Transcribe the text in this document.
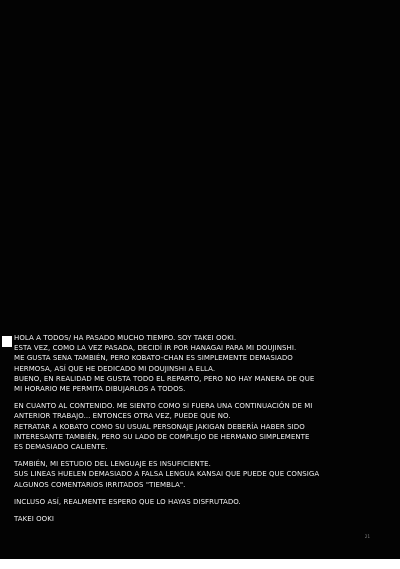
HOLA A TODOS/ HA PASADO MUCHO TIEMPO. SOY TAKEI OOKI.
ESTA VEZ, COMO LA VEZ PASADA, DECIDÍ IR POR HANAGAI PARA MI DOUJINSHI.
ME GUSTA SENA TAMBIÉN, PERO KOBATO-CHAN ES SIMPLEMENTE DEMASIADO
HERMOSA, ASÍ QUE HE DEDICADO MI DOUJINSHI A ELLA.
BUENO, EN REALIDAD ME GUSTA TODO EL REPARTO, PERO NO HAY MANERA DE QUE
MI HORARIO ME PERMITA DIBUJARLOS A TODOS.

EN CUANTO AL CONTENIDO. ME SIENTO COMO SI FUERA UNA CONTINUACIÓN DE MI
ANTERIOR TRABAJO... ENTONCES OTRA VEZ, PUEDE QUE NO.
RETRATAR A KOBATO COMO SU USUAL PERSONAJE JAKIGAN DEBERÍA HABER SIDO
INTERESANTE TAMBIÉN, PERO SU LADO DE COMPLEJO DE HERMANO SIMPLEMENTE
ES DEMASIADO CALIENTE.

TAMBIÉN, MI ESTUDIO DEL LENGUAJE ES INSUFICIENTE.
SUS LINEAS HUELEN DEMASIADO A FALSA LENGUA KANSAI QUE PUEDE QUE CONSIGA
ALGUNOS COMENTARIOS IRRITADOS "TIEMBLA".

INCLUSO ASÍ, REALMENTE ESPERO QUE LO HAYAS DISFRUTADO.

TAKEI OOKI

21
